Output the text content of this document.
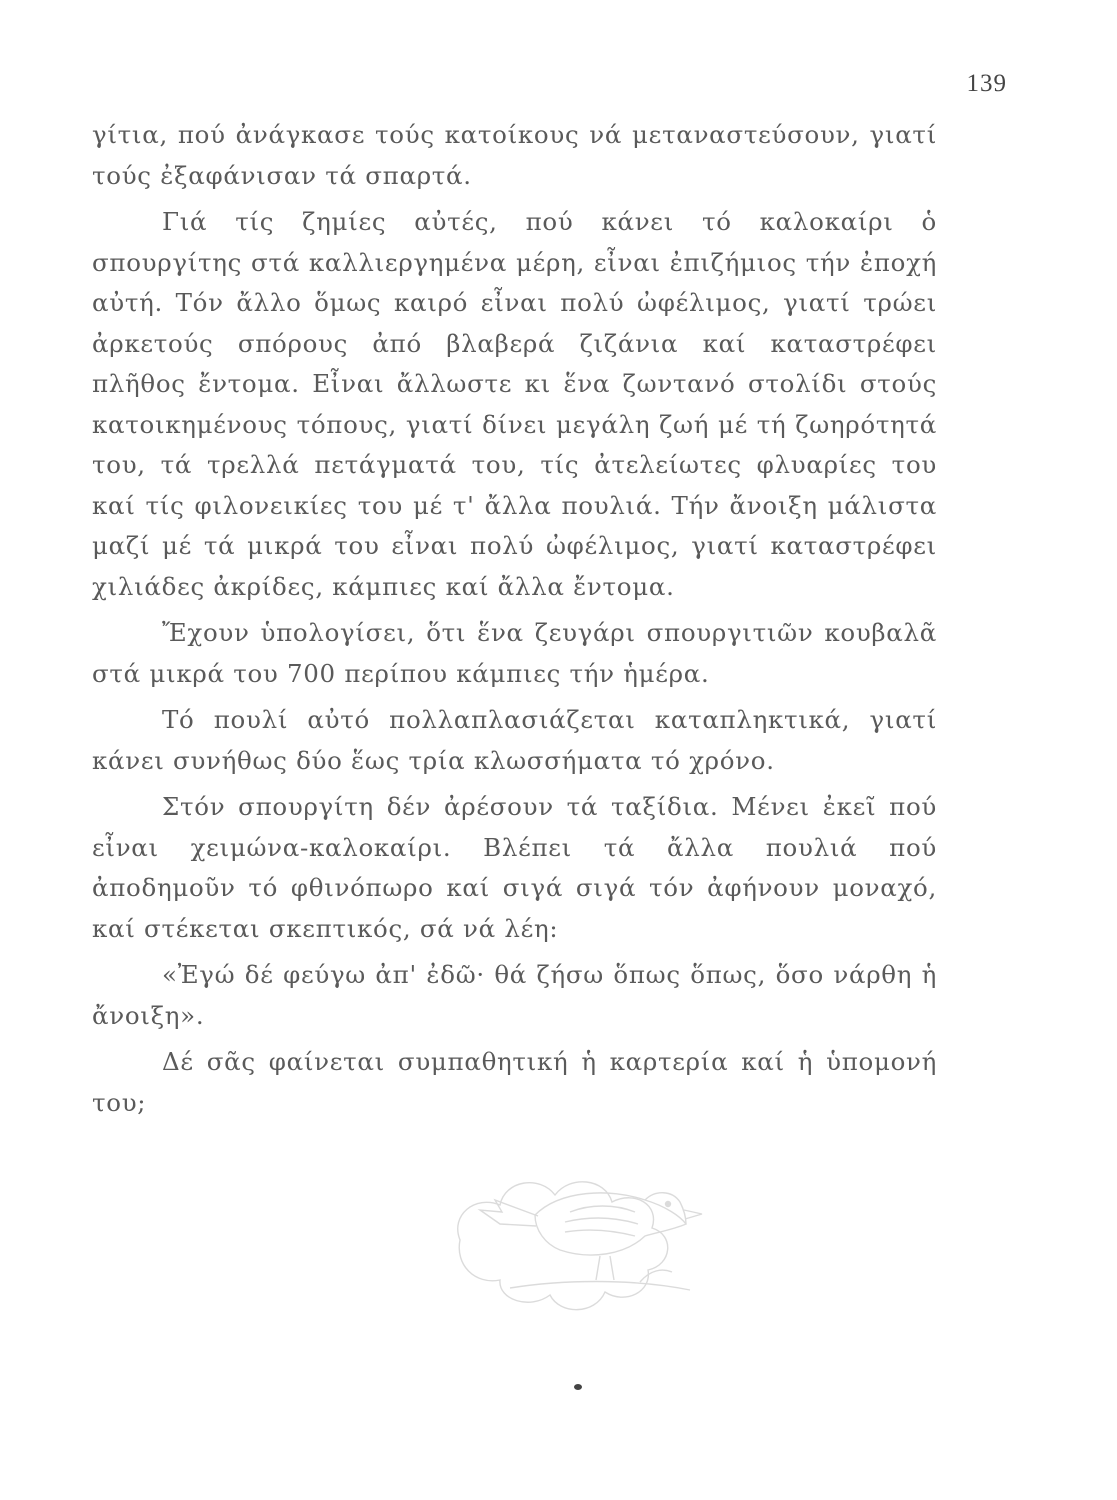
139

γίτια, πού ἀνάγκασε τούς κατοίκους νά μεταναστεύσουν, γιατί τούς ἐξαφάνισαν τά σπαρτά.

Γιά τίς ζημίες αὐτές, πού κάνει τό καλοκαίρι ὁ σπουργίτης στά καλλιεργημένα μέρη, εἶναι ἐπιζήμιος τήν ἐποχή αὐτή. Τόν ἄλλο ὅμως καιρό εἶναι πολύ ὠφέλιμος, γιατί τρώει ἀρκετούς σπόρους ἀπό βλαβερά ζιζάνια καί καταστρέφει πλῆθος ἔντομα. Εἶναι ἄλλωστε κι ἕνα ζωντανό στολίδι στούς κατοικημένους τόπους, γιατί δίνει μεγάλη ζωή μέ τή ζωηρότητά του, τά τρελλά πετάγματά του, τίς ἀτελείωτες φλυαρίες του καί τίς φιλονεικίες του μέ τ' ἄλλα πουλιά. Τήν ἄνοιξη μάλιστα μαζί μέ τά μικρά του εἶναι πολύ ὠφέλιμος, γιατί καταστρέφει χιλιάδες ἀκρίδες, κάμπιες καί ἄλλα ἔντομα.

Ἔχουν ὑπολογίσει, ὅτι ἕνα ζευγάρι σπουργιτιῶν κουβαλᾶ στά μικρά του 700 περίπου κάμπιες τήν ἡμέρα.

Τό πουλί αὐτό πολλαπλασιάζεται καταπληκτικά, γιατί κάνει συνήθως δύο ἕως τρία κλωσσήματα τό χρόνο.

Στόν σπουργίτη δέν ἀρέσουν τά ταξίδια. Μένει ἐκεῖ πού εἶναι χειμώνα-καλοκαίρι. Βλέπει τά ἄλλα πουλιά πού ἀποδημοῦν τό φθινόπωρο καί σιγά σιγά τόν ἀφήνουν μοναχό, καί στέκεται σκεπτικός, σά νά λέη:

«Ἐγώ δέ φεύγω ἀπ' ἐδῶ· θά ζήσω ὅπως ὅπως, ὅσο νάρθη ἡ ἄνοιξη».

Δέ σᾶς φαίνεται συμπαθητική ἡ καρτερία καί ἡ ὑπομονή του;
